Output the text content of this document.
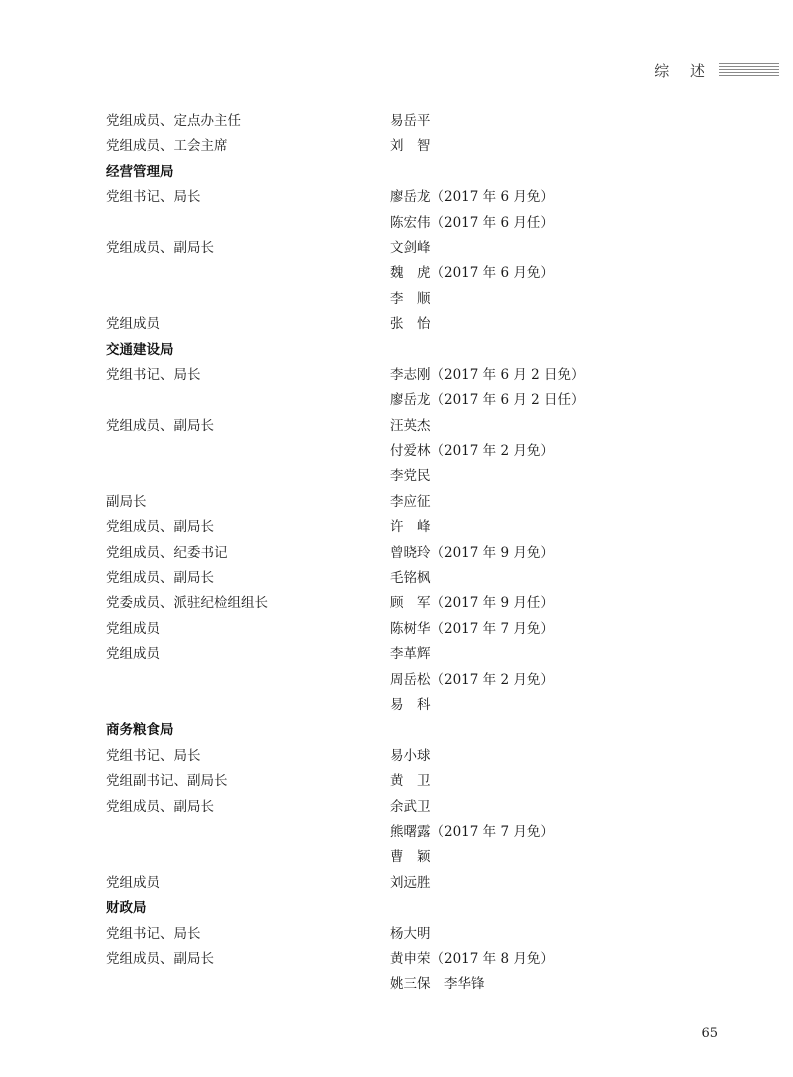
综 述
党组成员、定点办主任	易岳平
党组成员、工会主席	刘　智
经营管理局
党组书记、局长	廖岳龙（2017 年 6 月免）
陈宏伟（2017 年 6 月任）
党组成员、副局长	文剑峰
魏　虎（2017 年 6 月免）
李　顺
党组成员	张　怡
交通建设局
党组书记、局长	李志刚（2017 年 6 月 2 日免）
廖岳龙（2017 年 6 月 2 日任）
党组成员、副局长	汪英杰
付爱林（2017 年 2 月免）
李党民
副局长	李应征
党组成员、副局长	许　峰
党组成员、纪委书记	曾晓玲（2017 年 9 月免）
党组成员、副局长	毛铭枫
党委成员、派驻纪检组组长	顾　军（2017 年 9 月任）
党组成员	陈树华（2017 年 7 月免）
党组成员	李革辉
周岳松（2017 年 2 月免）
易　科
商务粮食局
党组书记、局长	易小球
党组副书记、副局长	黄　卫
党组成员、副局长	余武卫
熊曙露（2017 年 7 月免）
曹　颖
党组成员	刘远胜
财政局
党组书记、局长	杨大明
党组成员、副局长	黄申荣（2017 年 8 月免）
姚三保　李华锋
65
